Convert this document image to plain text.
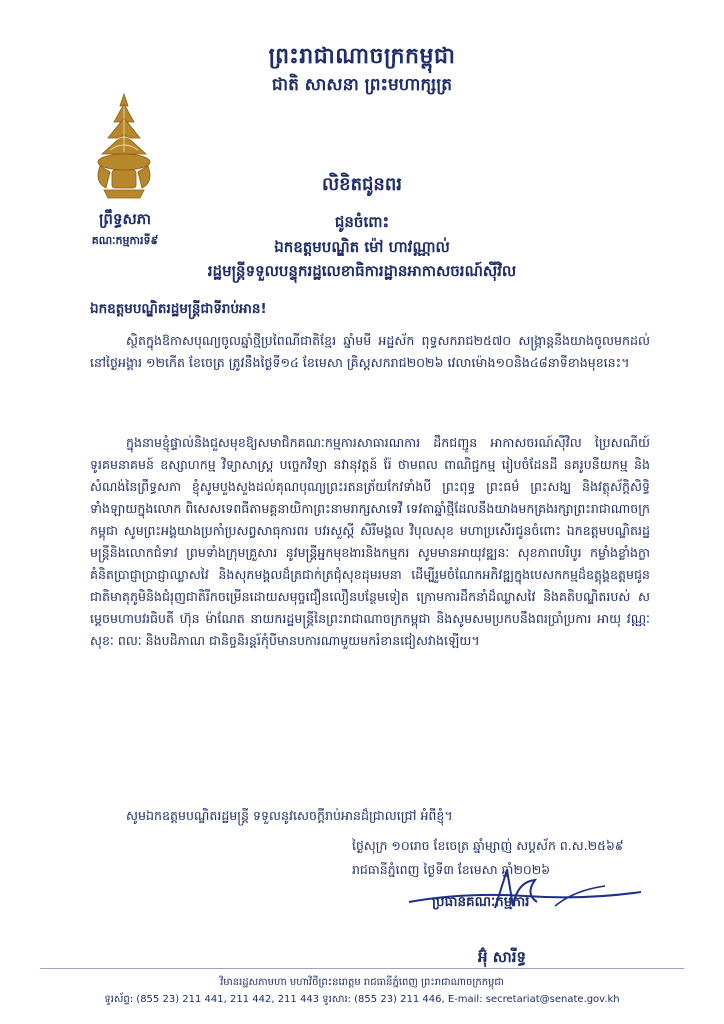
ព្រះរាជាណាចក្រកម្ពុជា
ជាតិ សាសនា ព្រះមហាក្សត្រ
ព្រឹទ្ធសភា
គណៈកម្មការទី៩
លិខិតជូនពរ
ជូនចំពោះ
ឯកឧត្តមបណ្ឌិត ម៉ៅ ហាវណ្ណាល់
រដ្ឋមន្ត្រីទទួលបន្ទុករដ្ឋលេខាធិការដ្ឋានអាកាសចរណ៍ស៊ីវិល
ឯកឧត្តមបណ្ឌិតរដ្ឋមន្ត្រីជាទីរាប់អាន!
ស្ថិតក្នុងឱកាសបុណ្យចូលឆ្នាំថ្មីប្រពៃណីជាតិខ្មែរ ឆ្នាំមមី អដ្ឋស័ក ពុទ្ធសករាជ២៥៧០ សង្រ្កាន្តនឹងយាងចូលមកដល់នៅថ្ងៃអង្គារ ១២កើត ខែចេត្រ ត្រូវនឹងថ្ងៃទី១៤ ខែមេសា គ្រិស្តសករាជ២០២៦ វេលាម៉ោង១០និង៤៨នាទីខាងមុខនេះ។
ក្នុងនាមខ្ញុំផ្ទាល់និងជួសមុខឱ្យសមាជិកគណៈកម្មការសាធារណការ ដឹកជញ្ជូន អាកាសចរណ៍ស៊ីវិល ប្រៃសណីយ៍ ទូរគមនាគមន៍ ឧស្សាហកម្ម វិទ្យាសាស្ត្រ បច្ចេកវិទ្យា នវានុវត្តន៍ រ៉ែ ថាមពល ពាណិជ្ជកម្ម រៀបចំដែនដី នគរូបនីយកម្ម និងសំណង់នៃព្រឹទ្ធសភា ខ្ញុំសូមបួងសួងដល់គុណបុណ្យព្រះរតនត្រ័យកែវទាំងបី ព្រះពុទ្ធ ព្រះធម៌ ព្រះសង្ឃ និងវត្ថុស័ក្តិសិទ្ធិទាំងឡាយក្នុងលោក ពិសេសទេពធីតាមគ្គនាយិកាព្រះនាមរាក្សសាទេវី ទេវតាឆ្នាំថ្មីដែលនឹងយាងមកគ្រងរក្សាព្រះរាជាណាចក្រកម្ពុជា សូមព្រះអង្គយាងប្រកាំប្រសព្វសាធុការពរ បវរសួស្តី សិរីមង្គល វិបុលសុខ មហាប្រសើរជូនចំពោះ ឯកឧត្តមបណ្ឌិតរដ្ឋមន្ត្រីនិងលោកជំទាវ ព្រមទាំងក្រុមគ្រួសារ នូវមន្ត្រីអ្នកមុខងារនិងកម្មករ សូមមានអាយុវឌ្ឍនៈ សុខភាពបរិបូរ កម្លាំងខ្លាំងក្លា គំនិតប្រាជ្ញាប្រាជ្ញាឈ្លាសវៃ និងសុភមង្គលដ៏ត្រជាក់ត្រជុំសុខដុមរមនា ដើម្បីរួមចំណែកអភិវឌ្ឍក្នុងបេសកកម្មដ៏ឧត្តុង្គឧត្តមជូនជាតិមាតុភូមិនិងជំរុញជាតិរីកចម្រើនដោយសមុច្ចជឿនលឿនបន្ថែមទៀត ក្រោមការដឹកនាំដ៏ឈ្លាសវៃ និងគតិបណ្ឌិតរបស់ សម្តេចមហាបវរធិបតី ហ៊ុន ម៉ាណែត នាយករដ្ឋមន្ត្រីនៃព្រះរាជាណាចក្រកម្ពុជា និងសូមសមប្រកបនឹងពរប្រាំប្រការ អាយុ វណ្ណៈ សុខៈ ពលៈ និងបដិភាណ ជានិច្ចនិរន្តរ៍កុំបីមានបការណាមួយមករំខានជៀសវាងឡើយ។
សូមឯកឧត្តមបណ្ឌិតរដ្ឋមន្ត្រី ទទួលនូវសេចក្តីរាប់អានដ៏ជ្រាលជ្រៅ អំពីខ្ញុំ។
ថ្ងៃសុក្រ ១០រោច ខែចេត្រ ឆ្នាំម្សាញ់ សប្តស័ក ព.ស.២៥៦៩
រាជធានីភ្នំពេញ ថ្ងៃទី៣ ខែមេសា ឆ្នាំ២០២៦
ប្រធានគណៈកម្មការ
អ៊ុំ សារីទ្ធ
វិមានរដ្ឋសភាមហា មហាវិថីព្រះនរោត្តម រាជធានីភ្នំពេញ ព្រះរាជាណាចក្រកម្ពុជា
ទូរស័ព្ទ: (855 23) 211 441, 211 442, 211 443 ទូរសារ: (855 23) 211 446, E-mail: secretariat@senate.gov.kh
